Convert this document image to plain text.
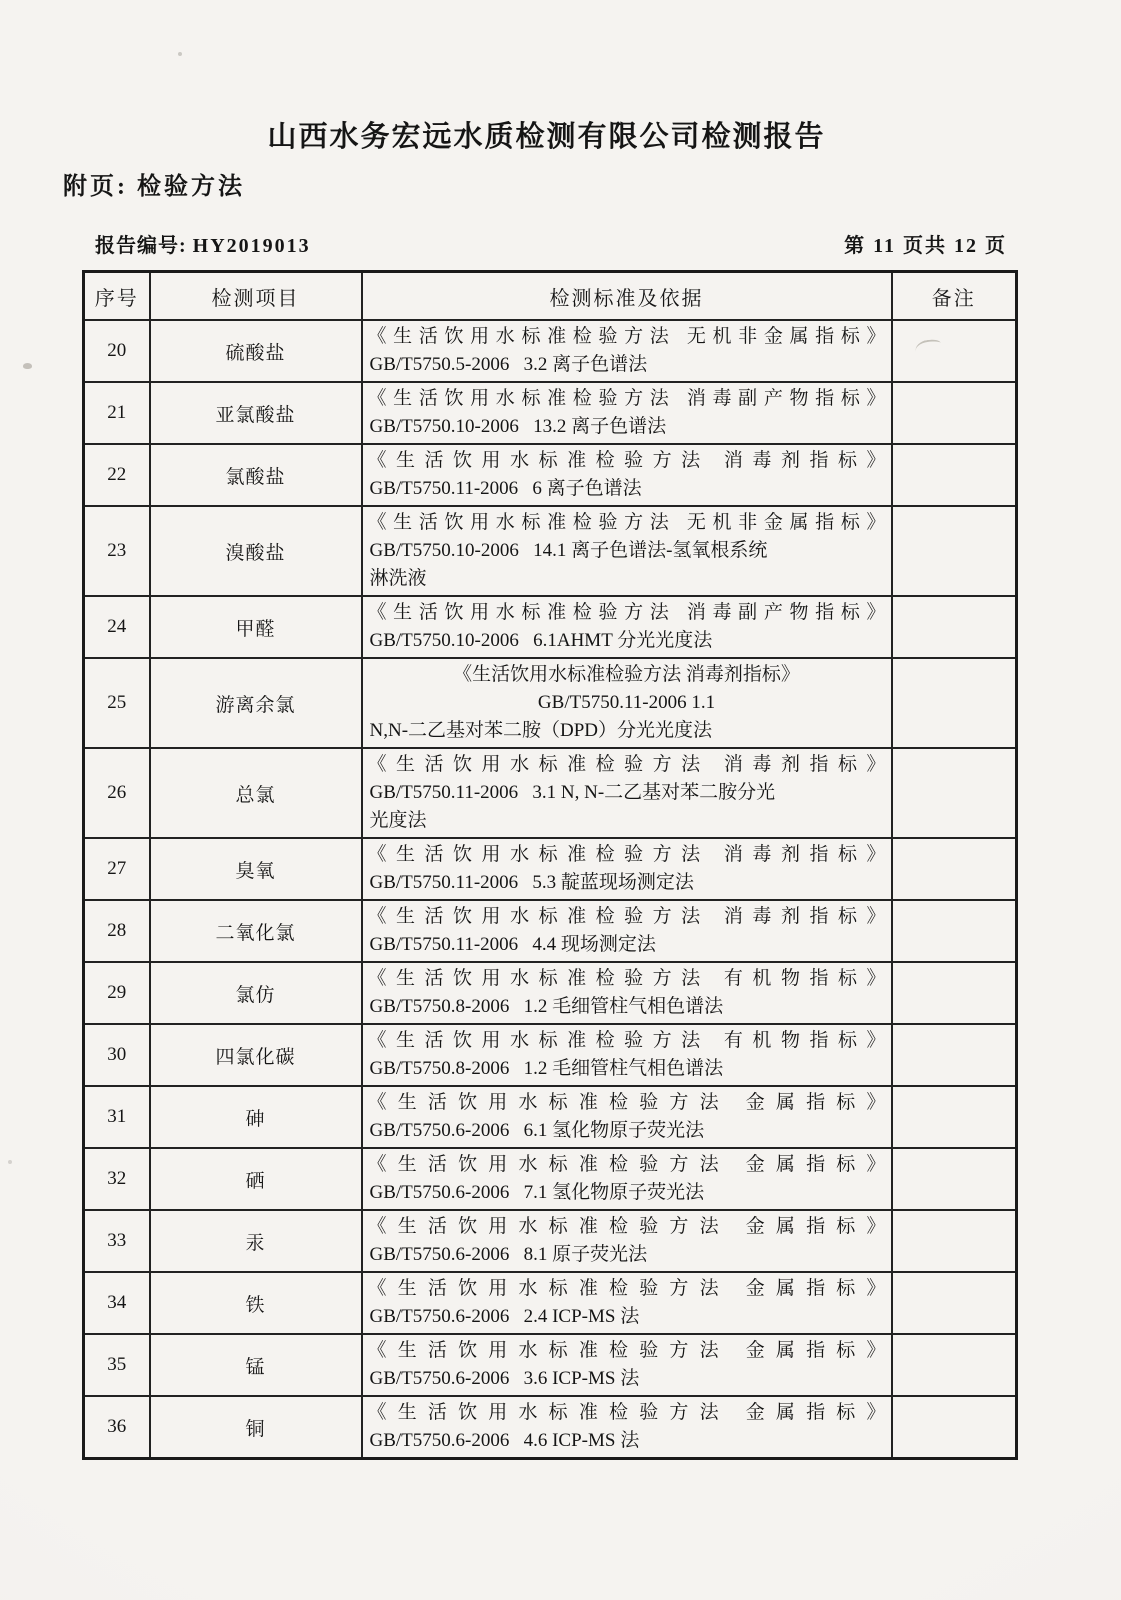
山西水务宏远水质检测有限公司检测报告
附页: 检验方法
报告编号: HY2019013	第 11 页共 12 页
序号	检测项目	检测标准及依据	备注
20	硫酸盐	《生活饮用水标准检验方法 无机非金属指标》
GB/T5750.5-2006   3.2 离子色谱法	

21	亚氯酸盐	《生活饮用水标准检验方法 消毒副产物指标》
GB/T5750.10-2006   13.2 离子色谱法	

22	氯酸盐	《生活饮用水标准检验方法 消毒剂指标》
GB/T5750.11-2006   6 离子色谱法	

23	溴酸盐	《生活饮用水标准检验方法 无机非金属指标》
GB/T5750.10-2006   14.1 离子色谱法-氢氧根系统
淋洗液	

24	甲醛	《生活饮用水标准检验方法 消毒副产物指标》
GB/T5750.10-2006   6.1AHMT 分光光度法	

25	游离余氯	《生活饮用水标准检验方法 消毒剂指标》
GB/T5750.11-2006 1.1
N,N-二乙基对苯二胺（DPD）分光光度法	

26	总氯	《生活饮用水标准检验方法 消毒剂指标》
GB/T5750.11-2006   3.1 N, N-二乙基对苯二胺分光
光度法	

27	臭氧	《生活饮用水标准检验方法 消毒剂指标》
GB/T5750.11-2006   5.3 靛蓝现场测定法	

28	二氧化氯	《生活饮用水标准检验方法 消毒剂指标》
GB/T5750.11-2006   4.4 现场测定法	

29	氯仿	《生活饮用水标准检验方法 有机物指标》
GB/T5750.8-2006   1.2 毛细管柱气相色谱法	

30	四氯化碳	《生活饮用水标准检验方法 有机物指标》
GB/T5750.8-2006   1.2 毛细管柱气相色谱法	

31	砷	《生活饮用水标准检验方法 金属指标》
GB/T5750.6-2006   6.1 氢化物原子荧光法	

32	硒	《生活饮用水标准检验方法 金属指标》
GB/T5750.6-2006   7.1 氢化物原子荧光法	

33	汞	《生活饮用水标准检验方法 金属指标》
GB/T5750.6-2006   8.1 原子荧光法	

34	铁	《生活饮用水标准检验方法 金属指标》
GB/T5750.6-2006   2.4 ICP-MS 法	

35	锰	《生活饮用水标准检验方法 金属指标》
GB/T5750.6-2006   3.6 ICP-MS 法	

36	铜	《生活饮用水标准检验方法 金属指标》
GB/T5750.6-2006   4.6 ICP-MS 法	
